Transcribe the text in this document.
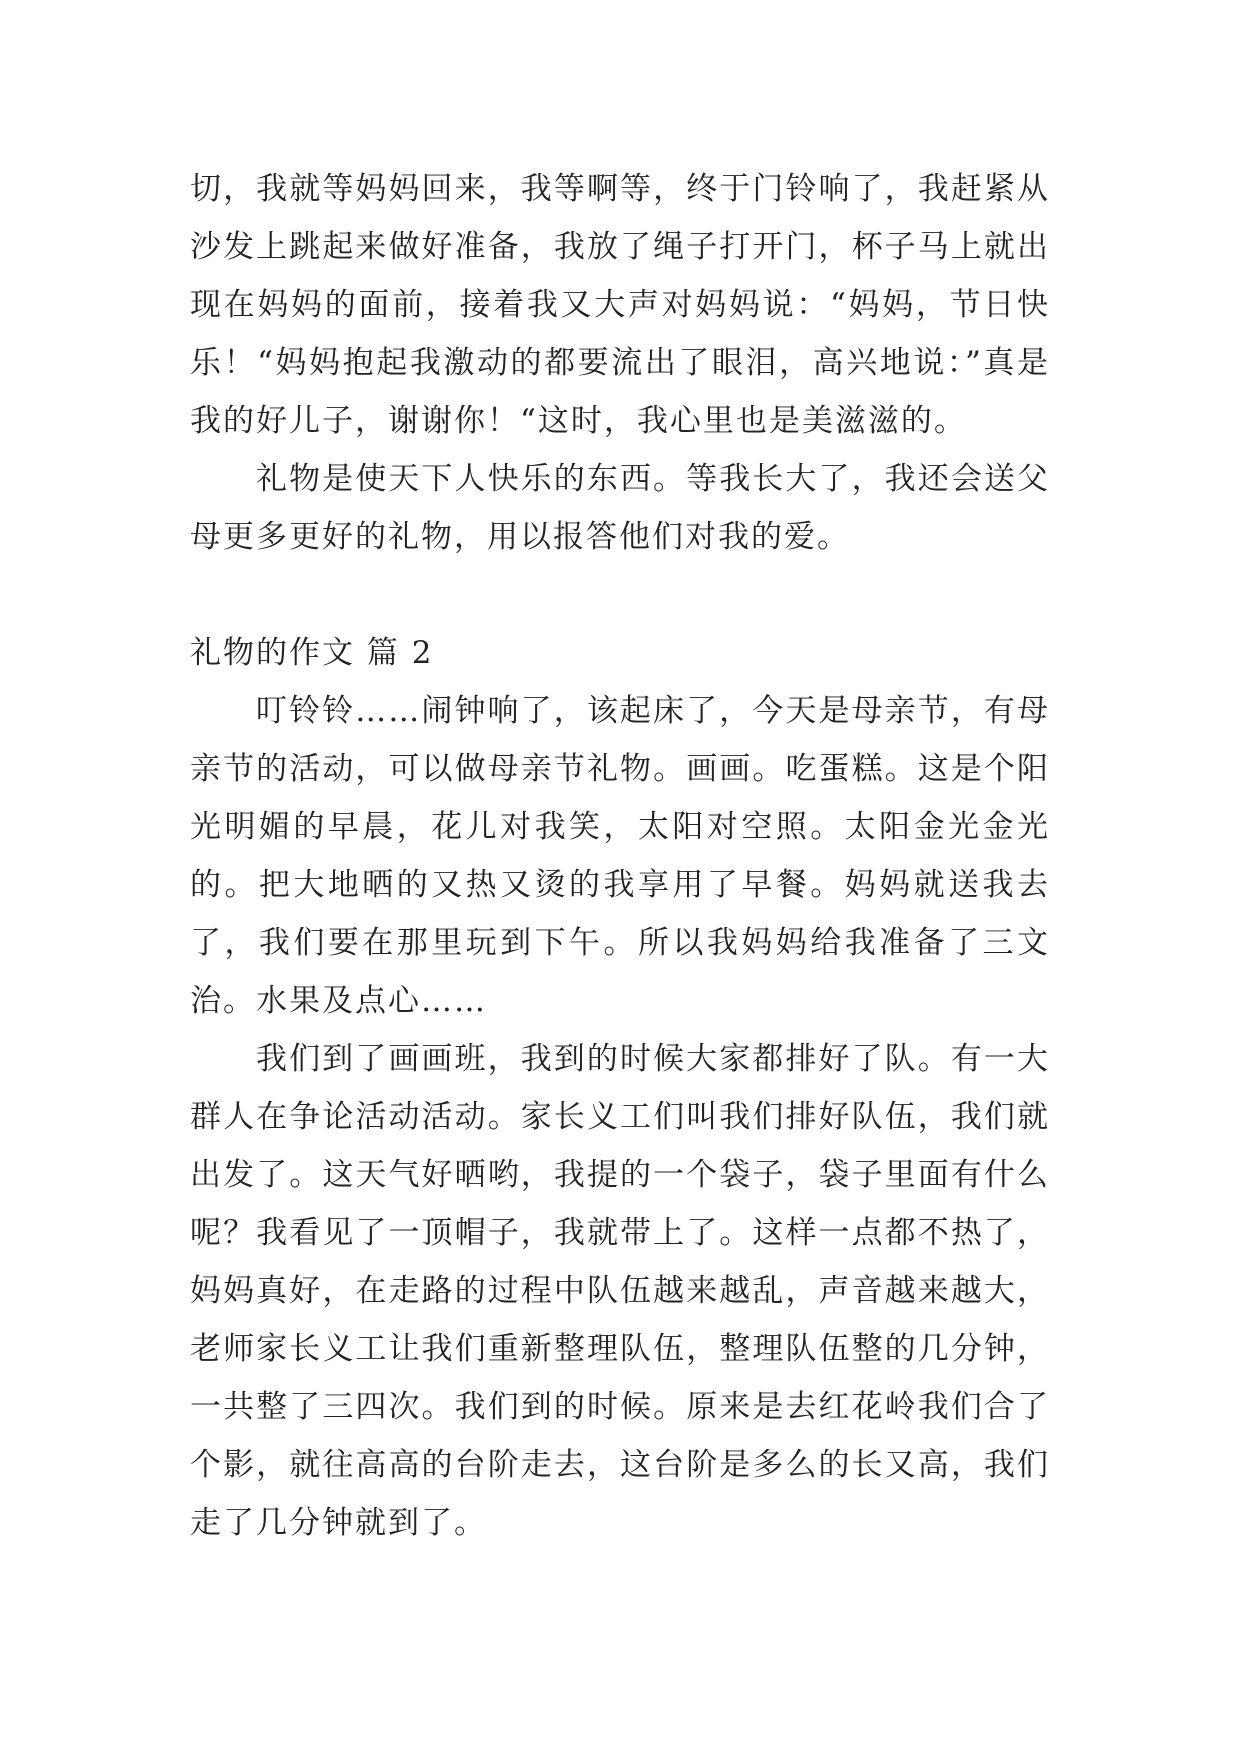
切，我就等妈妈回来，我等啊等，终于门铃响了，我赶紧从沙发上跳起来做好准备，我放了绳子打开门，杯子马上就出现在妈妈的面前，接着我又大声对妈妈说：“妈妈，节日快乐！“妈妈抱起我激动的都要流出了眼泪，高兴地说：”真是我的好儿子，谢谢你！“这时，我心里也是美滋滋的。

礼物是使天下人快乐的东西。等我长大了，我还会送父母更多更好的礼物，用以报答他们对我的爱。

礼物的作文 篇 2

叮铃铃……闹钟响了，该起床了，今天是母亲节，有母亲节的活动，可以做母亲节礼物。画画。吃蛋糕。这是个阳光明媚的早晨，花儿对我笑，太阳对空照。太阳金光金光的。把大地晒的又热又烫的我享用了早餐。妈妈就送我去了，我们要在那里玩到下午。所以我妈妈给我准备了三文治。水果及点心……

我们到了画画班，我到的时候大家都排好了队。有一大群人在争论活动活动。家长义工们叫我们排好队伍，我们就出发了。这天气好晒哟，我提的一个袋子，袋子里面有什么呢？我看见了一顶帽子，我就带上了。这样一点都不热了，妈妈真好，在走路的过程中队伍越来越乱，声音越来越大，老师家长义工让我们重新整理队伍，整理队伍整的几分钟，一共整了三四次。我们到的时候。原来是去红花岭我们合了个影，就往高高的台阶走去，这台阶是多么的长又高，我们走了几分钟就到了。
